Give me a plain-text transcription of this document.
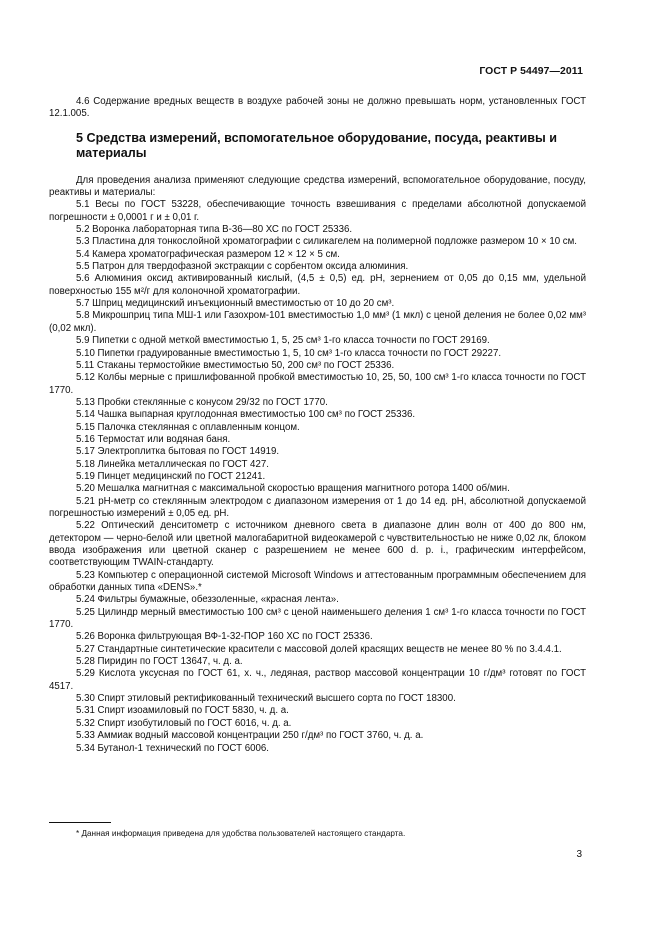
ГОСТ Р 54497—2011

4.6 Содержание вредных веществ в воздухе рабочей зоны не должно превышать норм, установленных ГОСТ 12.1.005.

5 Средства измерений, вспомогательное оборудование, посуда, реактивы и материалы

Для проведения анализа применяют следующие средства измерений, вспомогательное оборудование, посуду, реактивы и материалы:

5.1 Весы по ГОСТ 53228, обеспечивающие точность взвешивания с пределами абсолютной допускаемой погрешности ± 0,0001 г и ± 0,01 г.

5.2 Воронка лабораторная типа В-36—80 ХС по ГОСТ 25336.

5.3 Пластина для тонкослойной хроматографии с силикагелем на полимерной подложке размером 10 × 10 см.

5.4 Камера хроматографическая размером 12 × 12 × 5 см.

5.5 Патрон для твердофазной экстракции с сорбентом оксида алюминия.

5.6 Алюминия оксид активированный кислый, (4,5 ± 0,5) ед. pH, зернением от 0,05 до 0,15 мм, удельной поверхностью 155 м²/г для колоночной хроматографии.

5.7 Шприц медицинский инъекционный вместимостью от 10 до 20 см³.

5.8 Микрошприц типа МШ-1 или Газохром-101 вместимостью 1,0 мм³ (1 мкл) с ценой деления не более 0,02 мм³ (0,02 мкл).

5.9 Пипетки с одной меткой вместимостью 1, 5, 25 см³ 1-го класса точности по ГОСТ 29169.

5.10 Пипетки градуированные вместимостью 1, 5, 10 см³ 1-го класса точности по ГОСТ 29227.

5.11 Стаканы термостойкие вместимостью 50, 200 см³ по ГОСТ 25336.

5.12 Колбы мерные с пришлифованной пробкой вместимостью 10, 25, 50, 100 см³ 1-го класса точности по ГОСТ 1770.

5.13 Пробки стеклянные с конусом 29/32 по ГОСТ 1770.

5.14 Чашка выпарная круглодонная вместимостью 100 см³ по ГОСТ 25336.

5.15 Палочка стеклянная с оплавленным концом.

5.16 Термостат или водяная баня.

5.17 Электроплитка бытовая по ГОСТ 14919.

5.18 Линейка металлическая по ГОСТ 427.

5.19 Пинцет медицинский по ГОСТ 21241.

5.20 Мешалка магнитная с максимальной скоростью вращения магнитного ротора 1400 об/мин.

5.21 рН-метр со стеклянным электродом с диапазоном измерения от 1 до 14 ед. pH, абсолютной допускаемой погрешностью измерений ± 0,05 ед. pH.

5.22 Оптический денситометр с источником дневного света в диапазоне длин волн от 400 до 800 нм, детектором — черно-белой или цветной малогабаритной видеокамерой с чувствительностью не ниже 0,02 лк, блоком ввода изображения или цветной сканер с разрешением не менее 600 d. p. i., графическим интерфейсом, соответствующим TWAIN-стандарту.

5.23 Компьютер с операционной системой Microsoft Windows и аттестованным программным обеспечением для обработки данных типа «DENS».*

5.24 Фильтры бумажные, обеззоленные, «красная лента».

5.25 Цилиндр мерный вместимостью 100 см³ с ценой наименьшего деления 1 см³ 1-го класса точности по ГОСТ 1770.

5.26 Воронка фильтрующая ВФ-1-32-ПОР 160 ХС по ГОСТ 25336.

5.27 Стандартные синтетические красители с массовой долей красящих веществ не менее 80 % по 3.4.4.1.

5.28 Пиридин по ГОСТ 13647, ч. д. а.

5.29 Кислота уксусная по ГОСТ 61, х. ч., ледяная, раствор массовой концентрации 10 г/дм³ готовят по ГОСТ 4517.

5.30 Спирт этиловый ректификованный технический высшего сорта по ГОСТ 18300.

5.31 Спирт изоамиловый по ГОСТ 5830, ч. д. а.

5.32 Спирт изобутиловый по ГОСТ 6016, ч. д. а.

5.33 Аммиак водный массовой концентрации 250 г/дм³ по ГОСТ 3760, ч. д. а.

5.34 Бутанол-1 технический по ГОСТ 6006.

* Данная информация приведена для удобства пользователей настоящего стандарта.
3
